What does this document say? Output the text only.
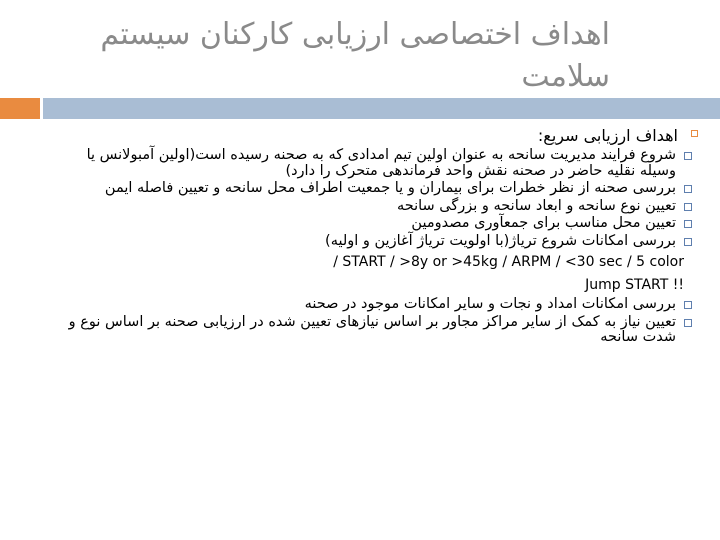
اهداف اختصاصی ارزیابی کارکنان سیستم سلامت
اهداف ارزیابی سریع:
شروع فرایند مدیریت سانحه به عنوان اولین تیم امدادی که به صحنه رسیده است(اولین آمبولانس یا وسیله نقلیه حاضر در صحنه نقش واحد فرماندهی متحرک را دارد)
بررسی صحنه از نظر خطرات برای بیماران و یا جمعیت اطراف محل سانحه و تعیین فاصله ایمن
تعیین نوع سانحه و ابعاد سانحه و بزرگی سانحه
تعیین محل مناسب برای جمعآوری مصدومین
بررسی امکانات شروع تریاژ(با اولویت تریاژ آغازین و اولیه)
/ START / >8y or >45kg / ARPM / <30 sec / 5 color
Jump START !!
بررسی امکانات امداد و نجات و سایر امکانات موجود در صحنه
تعیین نیاز به کمک از سایر مراکز مجاور بر اساس نیازهای تعیین شده در ارزیابی صحنه بر اساس نوع و شدت سانحه
